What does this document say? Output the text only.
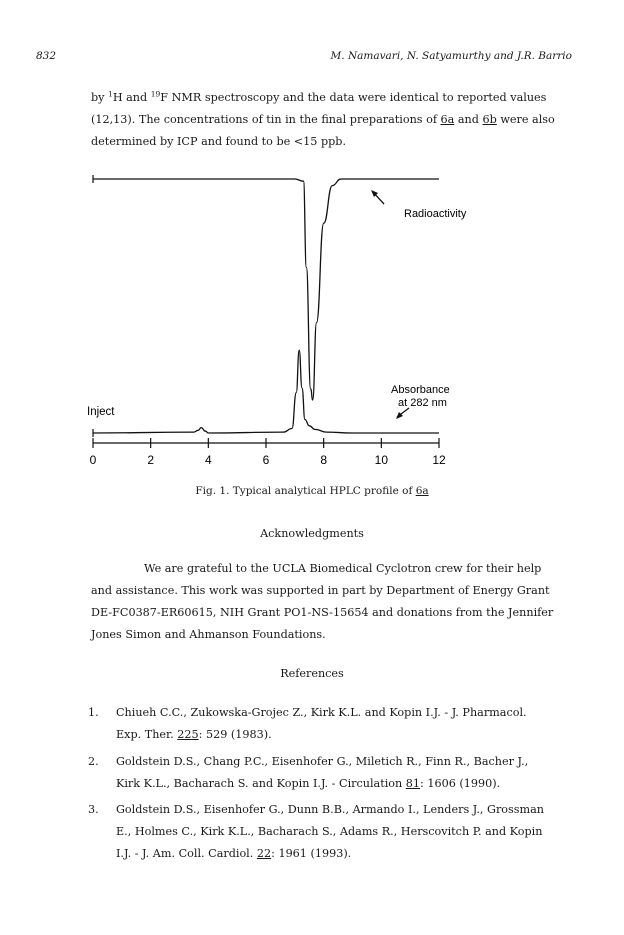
832	M. Namavari, N. Satyamurthy and J.R. Barrio
by $^1$H and $^{19}$F NMR spectroscopy and the data were identical to reported values
(12,13). The concentrations of tin in the final preparations of 6a and 6b were also
determined by ICP and found to be <15 ppb.
0	2	4	6	8	10	12
Inject
Radioactivity
Absorbance
at 282 nm
Fig. 1. Typical analytical HPLC profile of 6a
Acknowledgments
We are grateful to the UCLA Biomedical Cyclotron crew for their help
and assistance. This work was supported in part by Department of Energy Grant
DE-FC0387-ER60615, NIH Grant PO1-NS-15654 and donations from the Jennifer
Jones Simon and Ahmanson Foundations.
References
1. Chiueh C.C., Zukowska-Grojec Z., Kirk K.L. and Kopin I.J. - J. Pharmacol.
Exp. Ther. 225: 529 (1983).
2. Goldstein D.S., Chang P.C., Eisenhofer G., Miletich R., Finn R., Bacher J.,
Kirk K.L., Bacharach S. and Kopin I.J. - Circulation 81: 1606 (1990).
3. Goldstein D.S., Eisenhofer G., Dunn B.B., Armando I., Lenders J., Grossman
E., Holmes C., Kirk K.L., Bacharach S., Adams R., Herscovitch P. and Kopin
I.J. - J. Am. Coll. Cardiol. 22: 1961 (1993).
